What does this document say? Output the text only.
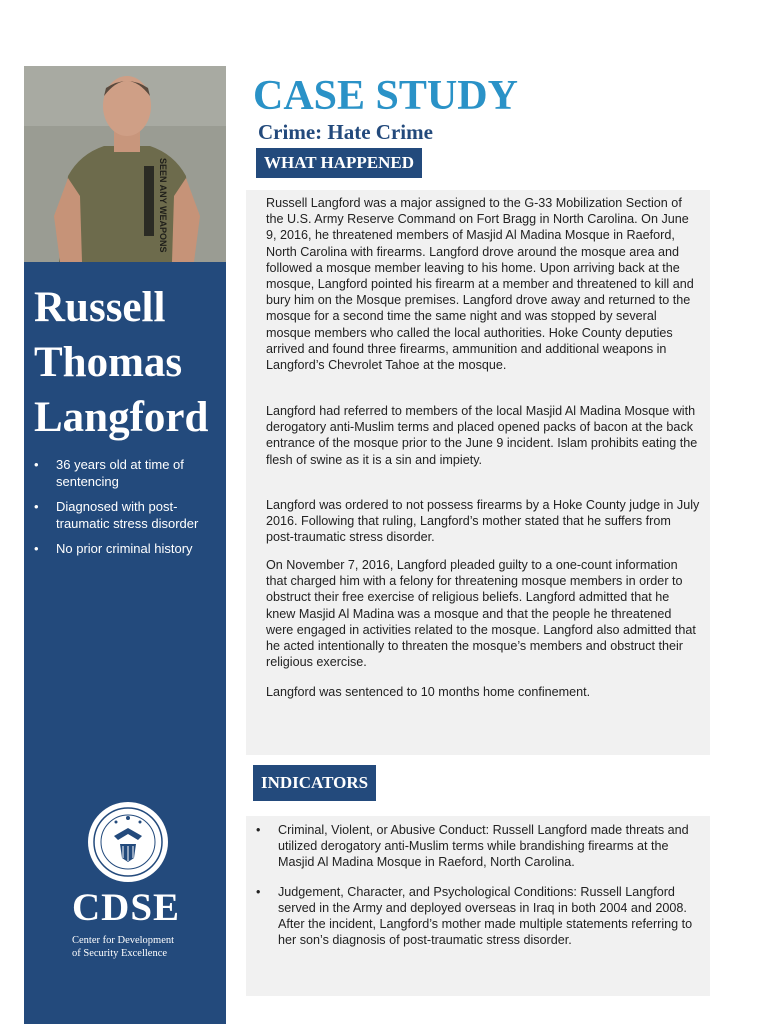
SEEN ANY WEAPONS
Russell
Thomas
Langford
• 36 years old at time of sentencing
• Diagnosed with post-traumatic stress disorder
• No prior criminal history
CDSE
Center for Development
of Security Excellence
CASE STUDY
Crime: Hate Crime
WHAT HAPPENED

Russell Langford was a major assigned to the G-33 Mobilization Section of the U.S. Army Reserve Command on Fort Bragg in North Carolina. On June 9, 2016, he threatened members of Masjid Al Madina Mosque in Raeford, North Carolina with firearms. Langford drove around the mosque area and followed a mosque member leaving to his home. Upon arriving back at the mosque, Langford pointed his firearm at a member and threatened to kill and bury him on the Mosque premises. Langford drove away and returned to the mosque for a second time the same night and was stopped by several mosque members who called the local authorities. Hoke County deputies arrived and found three firearms, ammunition and additional weapons in Langford’s Chevrolet Tahoe at the mosque.

Langford had referred to members of the local Masjid Al Madina Mosque with derogatory anti-Muslim terms and placed opened packs of bacon at the back entrance of the mosque prior to the June 9 incident. Islam prohibits eating the flesh of swine as it is a sin and impiety.

Langford was ordered to not possess firearms by a Hoke County judge in July 2016. Following that ruling, Langford’s mother stated that he suffers from post-traumatic stress disorder.

On November 7, 2016, Langford pleaded guilty to a one-count information that charged him with a felony for threatening mosque members in order to obstruct their free exercise of religious beliefs. Langford admitted that he knew Masjid Al Madina was a mosque and that the people he threatened were engaged in activities related to the mosque. Langford also admitted that he acted intentionally to threaten the mosque’s members and obstruct their religious exercise.

Langford was sentenced to 10 months home confinement.

INDICATORS
• Criminal, Violent, or Abusive Conduct: Russell Langford made threats and utilized derogatory anti-Muslim terms while brandishing firearms at the Masjid Al Madina Mosque in Raeford, North Carolina.
• Judgement, Character, and Psychological Conditions: Russell Langford served in the Army and deployed overseas in Iraq in both 2004 and 2008. After the incident, Langford’s mother made multiple statements referring to her son’s diagnosis of post-traumatic stress disorder.
